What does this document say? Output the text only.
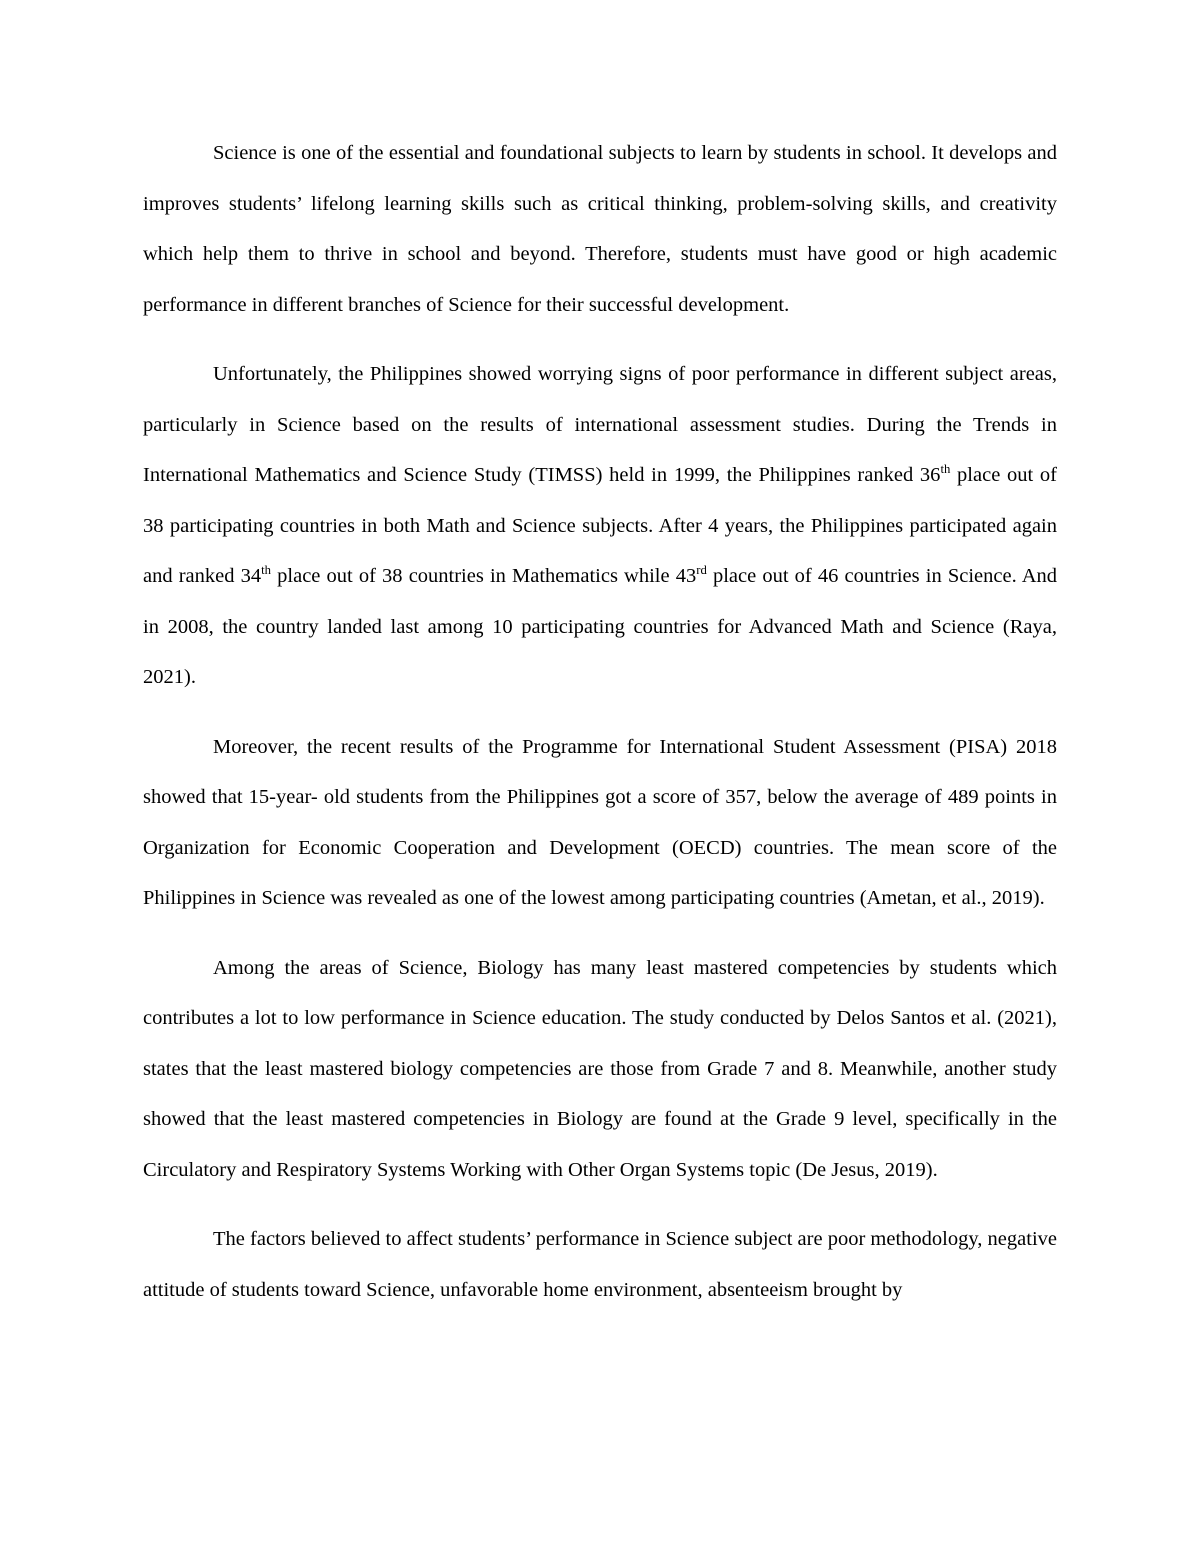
Science is one of the essential and foundational subjects to learn by students in school. It develops and improves students’ lifelong learning skills such as critical thinking, problem-solving skills, and creativity which help them to thrive in school and beyond. Therefore, students must have good or high academic performance in different branches of Science for their successful development.

Unfortunately, the Philippines showed worrying signs of poor performance in different subject areas, particularly in Science based on the results of international assessment studies. During the Trends in International Mathematics and Science Study (TIMSS) held in 1999, the Philippines ranked 36th place out of 38 participating countries in both Math and Science subjects. After 4 years, the Philippines participated again and ranked 34th place out of 38 countries in Mathematics while 43rd place out of 46 countries in Science. And in 2008, the country landed last among 10 participating countries for Advanced Math and Science (Raya, 2021).

Moreover, the recent results of the Programme for International Student Assessment (PISA) 2018 showed that 15-year- old students from the Philippines got a score of 357, below the average of 489 points in Organization for Economic Cooperation and Development (OECD) countries. The mean score of the Philippines in Science was revealed as one of the lowest among participating countries (Ametan, et al., 2019).

Among the areas of Science, Biology has many least mastered competencies by students which contributes a lot to low performance in Science education. The study conducted by Delos Santos et al. (2021), states that the least mastered biology competencies are those from Grade 7 and 8. Meanwhile, another study showed that the least mastered competencies in Biology are found at the Grade 9 level, specifically in the Circulatory and Respiratory Systems Working with Other Organ Systems topic (De Jesus, 2019).

The factors believed to affect students’ performance in Science subject are poor methodology, negative attitude of students toward Science, unfavorable home environment, absenteeism brought by
